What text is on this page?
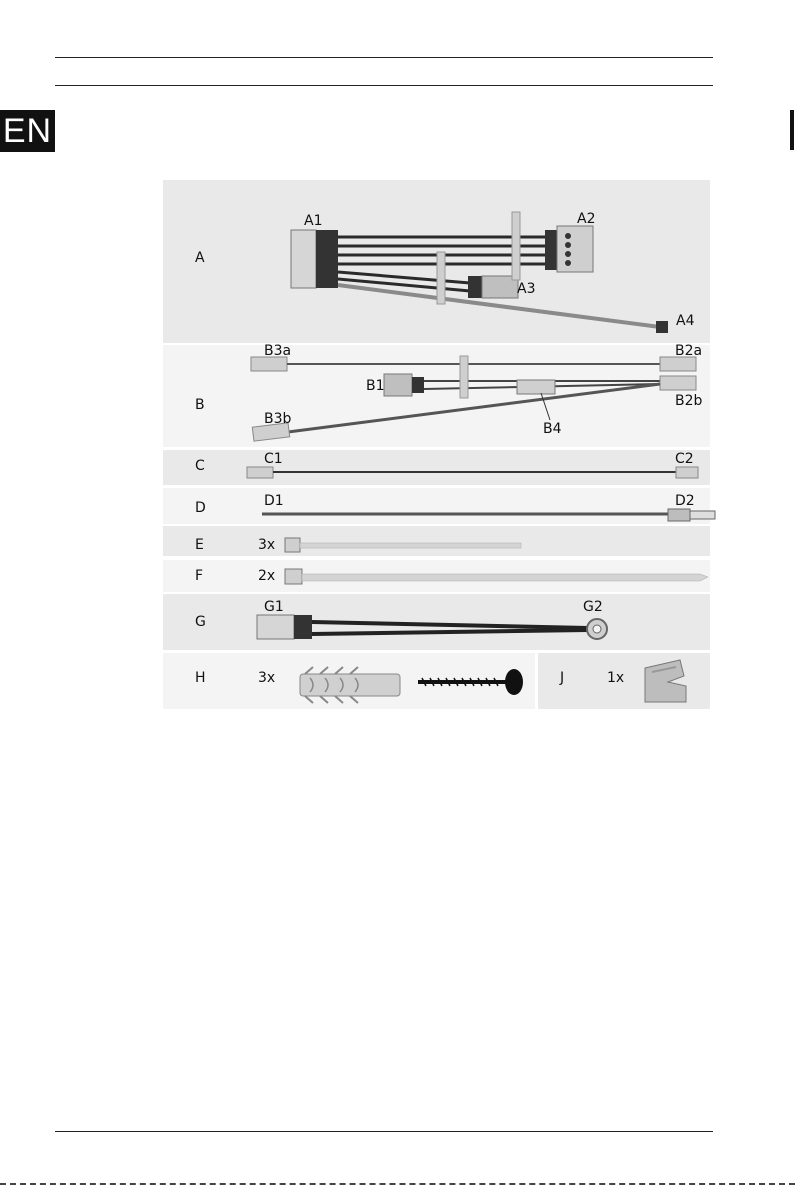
EN
A
B
C
D
E
F
G
H	J
3x
2x
3x	1x
A1	A2
A3
A4
B3a	B2a
B1
B2b
B3b
B4
C1	C2
D1	D2
G1	G2
